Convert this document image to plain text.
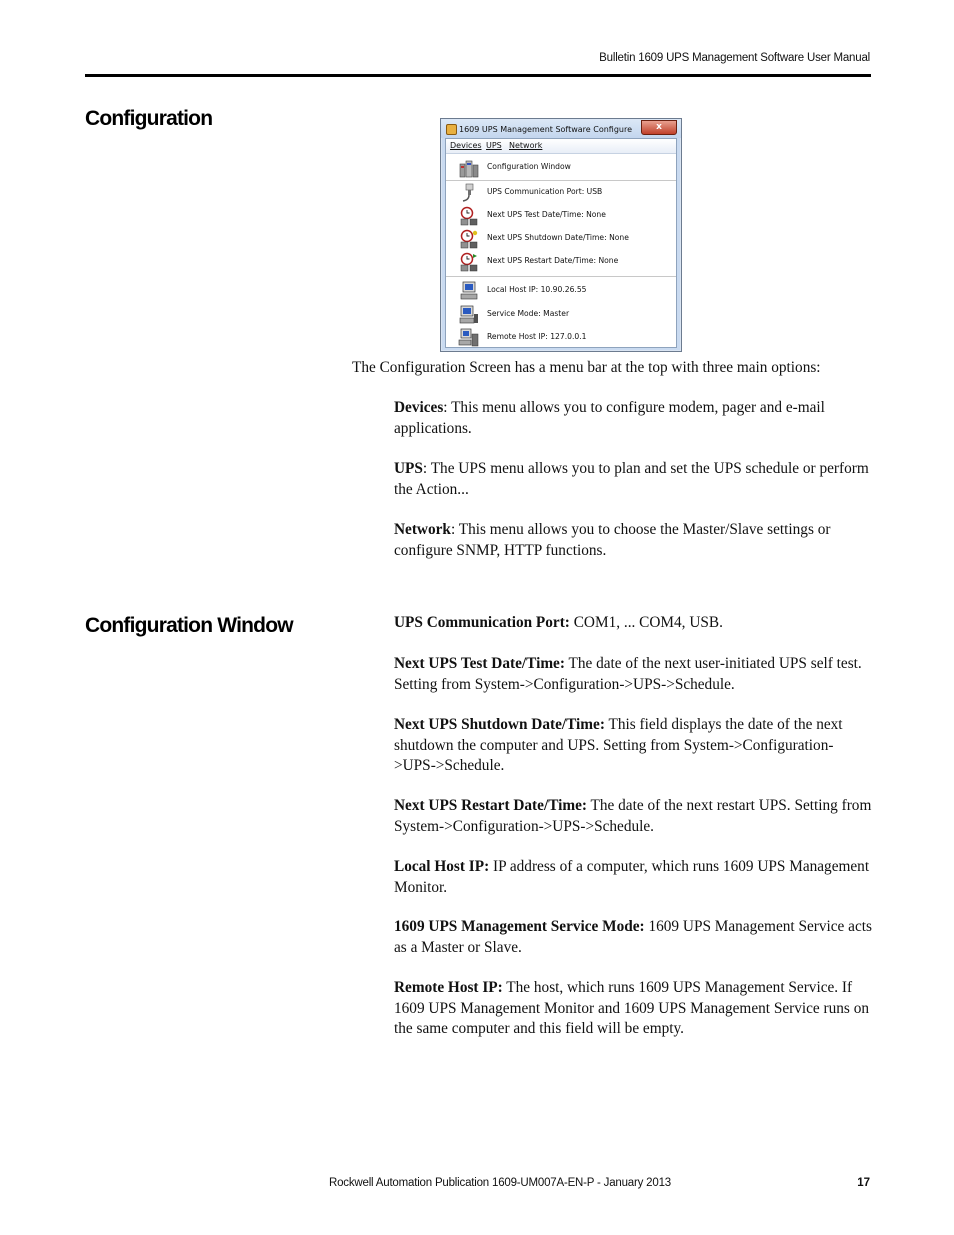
Bulletin 1609 UPS Management Software User Manual
Configuration
Configuration Window
1609 UPS Management Software Configure	x
Devices UPS Network
Configuration Window
UPS Communication Port: USB
Next UPS Test Date/Time: None
Next UPS Shutdown Date/Time: None
Next UPS Restart Date/Time: None
Local Host IP: 10.90.26.55
Service Mode: Master
Remote Host IP: 127.0.0.1

The Configuration Screen has a menu bar at the top with three main options:

Devices: This menu allows you to configure modem, pager and e-mail applications.

UPS: The UPS menu allows you to plan and set the UPS schedule or perform the Action...

Network: This menu allows you to choose the Master/Slave settings or configure SNMP, HTTP functions.

UPS Communication Port: COM1, ... COM4, USB.

Next UPS Test Date/Time: The date of the next user-initiated UPS self test. Setting from System->Configuration->UPS->Schedule.

Next UPS Shutdown Date/Time: This field displays the date of the next shutdown the computer and UPS. Setting from System->Configuration->UPS->Schedule.

Next UPS Restart Date/Time: The date of the next restart UPS. Setting from System->Configuration->UPS->Schedule.

Local Host IP: IP address of a computer, which runs 1609 UPS Management Monitor.

1609 UPS Management Service Mode: 1609 UPS Management Service acts as a Master or Slave.

Remote Host IP: The host, which runs 1609 UPS Management Service. If 1609 UPS Management Monitor and 1609 UPS Management Service runs on the same computer and this field will be empty.

Rockwell Automation Publication 1609-UM007A-EN-P - January 2013	17
